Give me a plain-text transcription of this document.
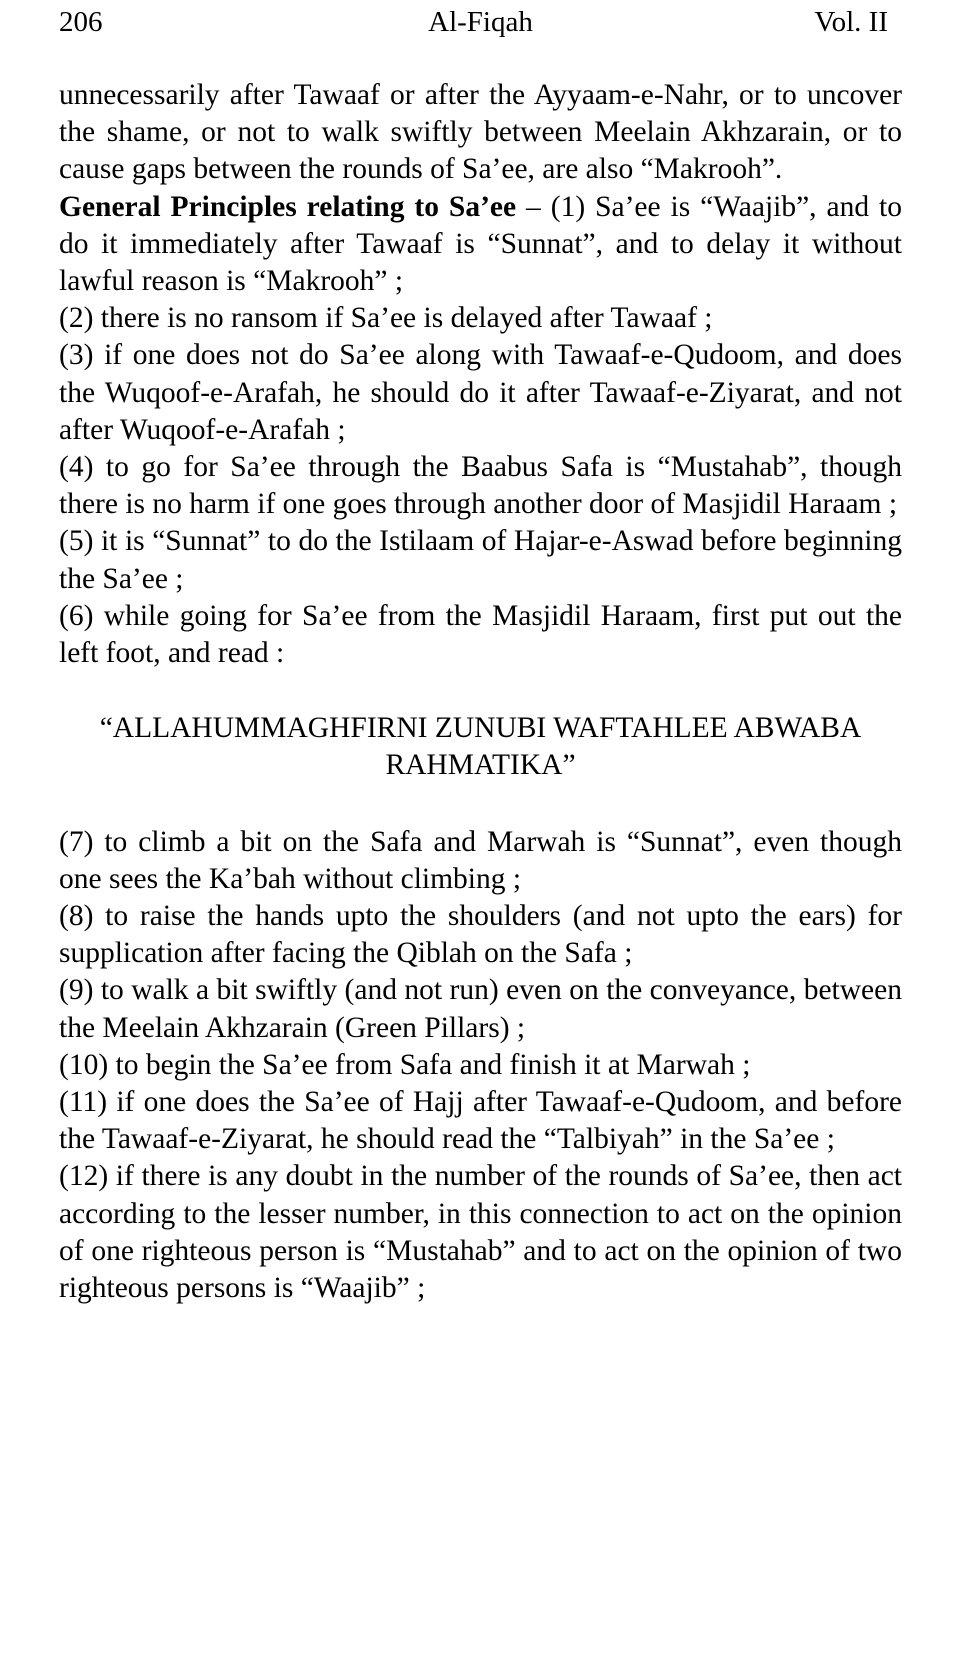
206	Al-Fiqah	Vol. II

unnecessarily after Tawaaf or after the Ayyaam-e-Nahr, or to uncover the shame, or not to walk swiftly between Meelain Akhzarain, or to cause gaps between the rounds of Sa’ee, are also “Makrooh”.

General Principles relating to Sa’ee – (1) Sa’ee is “Waajib”, and to do it immediately after Tawaaf is “Sunnat”, and to delay it without lawful reason is “Makrooh” ;

(2) there is no ransom if Sa’ee is delayed after Tawaaf ;

(3) if one does not do Sa’ee along with Tawaaf-e-Qudoom, and does the Wuqoof-e-Arafah, he should do it after Tawaaf-e-Ziyarat, and not after Wuqoof-e-Arafah ;

(4) to go for Sa’ee through the Baabus Safa is “Mustahab”, though there is no harm if one goes through another door of Masjidil Haraam ;

(5) it is “Sunnat” to do the Istilaam of Hajar-e-Aswad before beginning the Sa’ee ;

(6) while going for Sa’ee from the Masjidil Haraam, first put out the left foot, and read :

“ALLAHUMMAGHFIRNI ZUNUBI WAFTAHLEE ABWABA
RAHMATIKA”

(7) to climb a bit on the Safa and Marwah is “Sunnat”, even though one sees the Ka’bah without climbing ;

(8) to raise the hands upto the shoulders (and not upto the ears) for supplication after facing the Qiblah on the Safa ;

(9) to walk a bit swiftly (and not run) even on the conveyance, between the Meelain Akhzarain (Green Pillars) ;

(10) to begin the Sa’ee from Safa and finish it at Marwah ;

(11) if one does the Sa’ee of Hajj after Tawaaf-e-Qudoom, and before the Tawaaf-e-Ziyarat, he should read the “Talbiyah” in the Sa’ee ;

(12) if there is any doubt in the number of the rounds of Sa’ee, then act according to the lesser number, in this connection to act on the opinion of one righteous person is “Mustahab” and to act on the opinion of two righteous persons is “Waajib” ;
